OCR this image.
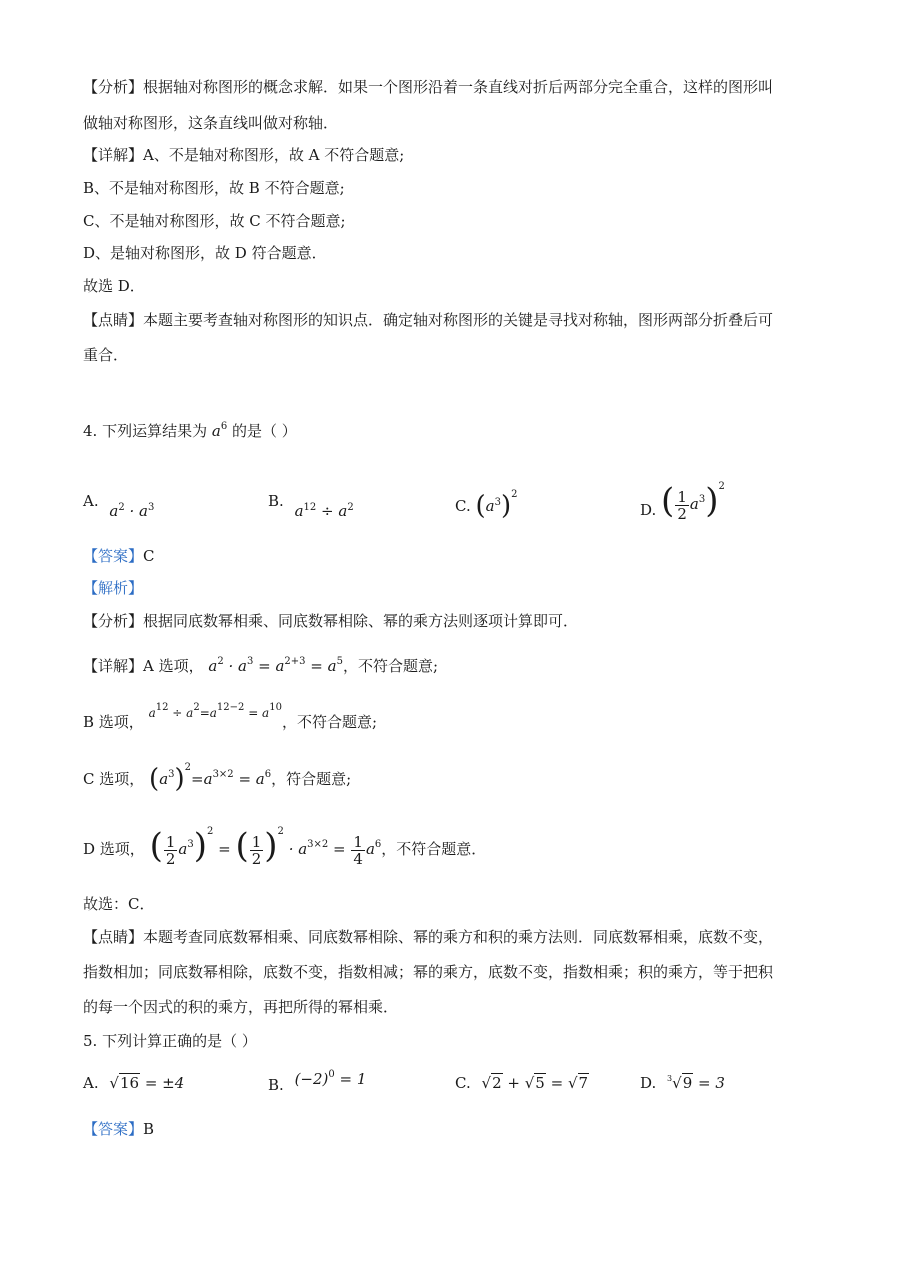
【分析】根据轴对称图形的概念求解．如果一个图形沿着一条直线对折后两部分完全重合，这样的图形叫
做轴对称图形，这条直线叫做对称轴．
【详解】A、不是轴对称图形，故 A 不符合题意;
B、不是轴对称图形，故 B 不符合题意;
C、不是轴对称图形，故 C 不符合题意;
D、是轴对称图形，故 D 符合题意．
故选 D．
【点睛】本题主要考查轴对称图形的知识点．确定轴对称图形的关键是寻找对称轴，图形两部分折叠后可
重合．
4. 下列运算结果为 $a^6$ 的是（ ）
A. $a^2 \cdot a^3$	B. $a^{12} \div a^2$	C. $(a^3)^2$
D. ( $\frac{1}{2} a^3)^2$
【答案】C
【解析】
【分析】根据同底数幂相乘、同底数幂相除、幂的乘方法则逐项计算即可．
【详解】A 选项， $a^2 \cdot a^3 = a^{2+3} = a^5$，不符合题意;
B 选项， $^{a^{12} \div a^2=a^{12-2} = a^{10}}$，不符合题意;
C 选项， $(a^3)^2=a^{3\times 2} = a^6$，符合题意;
D 选项， ( $\frac{1}{2} a^3)^2$ = ( $\frac{1}{2} )^2 \cdot a^{3\times 2} = \frac{1}{4} a^6$，不符合题意．
故选：C．
【点睛】本题考查同底数幂相乘、同底数幂相除、幂的乘方和积的乘方法则．同底数幂相乘，底数不变，
指数相加；同底数幂相除，底数不变，指数相减；幂的乘方，底数不变，指数相乘；积的乘方，等于把积
的每一个因式的积的乘方，再把所得的幂相乘．
5. 下列计算正确的是（ ）
A. √16 = ±4	B. $(-2)^0 = 1$	C. √2 + √5 = √7	D. $^3$√9 = 3
【答案】B
